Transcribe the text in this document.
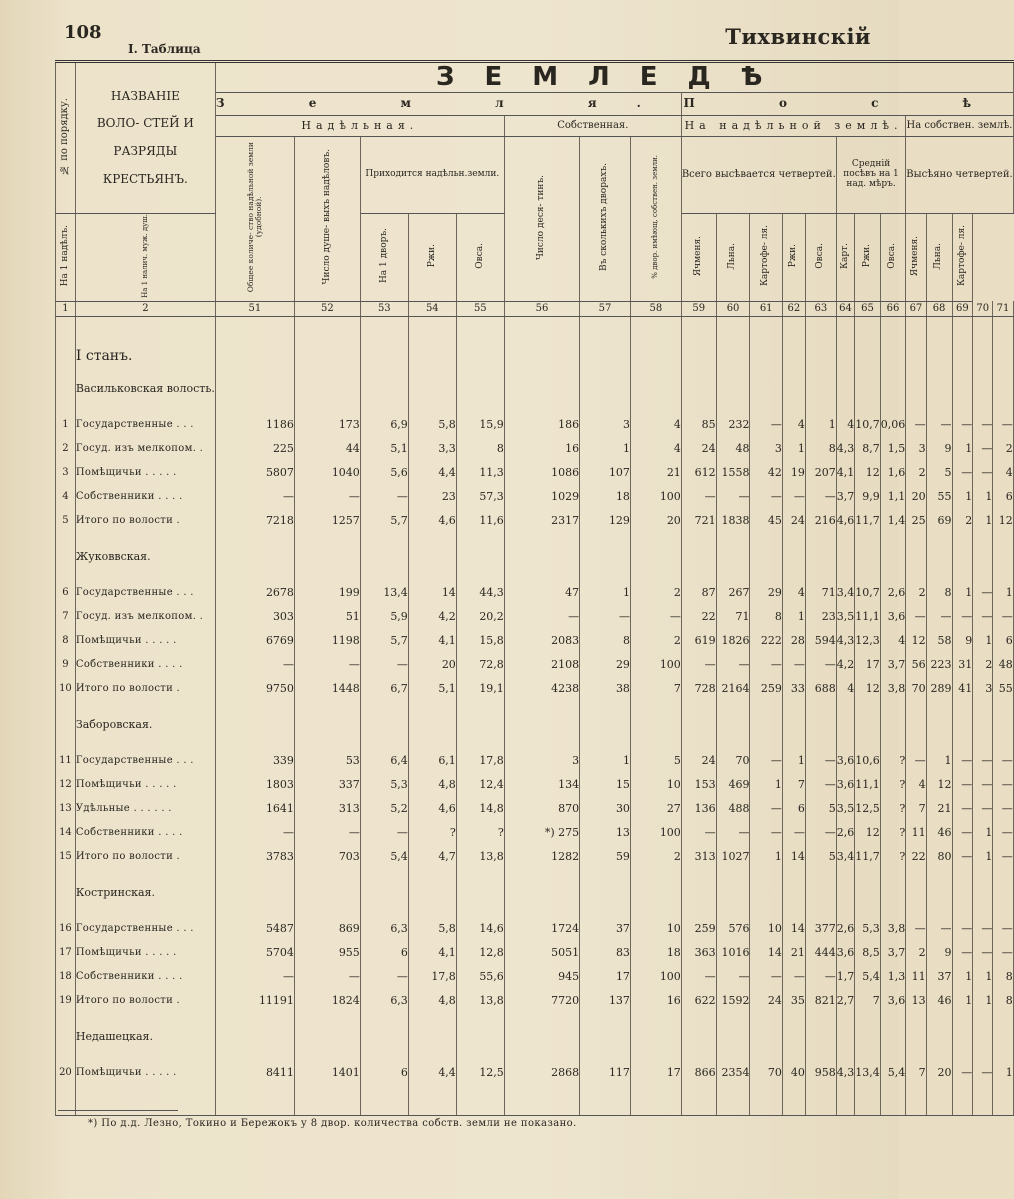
108	Тихвинскій
I. Таблица
№ по порядку.	НАЗВАНІЕ ВОЛО- СТЕЙ И РАЗРЯДЫ КРЕСТЬЯНЪ.	ЗЕМЛЕДѢ																				
		З е м л я.								П о с ѣ												
		Надѣльная.					Собственная.			На надѣльной землѣ.								На собствен. землѣ.				
		Общее количе- ство надѣльной земли (удобной).	Число душе- выхъ надѣловъ.	Приходится надѣльн.земли.			Число деся- тинъ.	Въ сколькихъ дворахъ.	% двор. имѣющ. собствен. земли.	Всего высѣвается четвертей.					Средній посѣвъ на 1 над. мѣръ.			Высѣяно четвертей.				
На 1 надѣлъ.	На 1 налич. муж. душ.			На 1 дворъ.	Ржи.	Овса.				Ячменя.	Льна.	Картофе- ля.	Ржи.	Овса.	Карт.	Ржи.	Овса.	Ячменя.	Льна.	Картофе- ля.		
1	2	51	52	53	54	55	56	57	58	59	60	61	62	63	64	65	66	67	68	69	70	71

	I станъ.																					
	Васильковская волость.																					

1	Государственные . . .	1186	173	6,9	5,8	15,9	186	3	4	85	232	—	4	1	4	10,7	0,06	—	—	—	—	—
2	Госуд. изъ мелкопом. .	225	44	5,1	3,3	8	16	1	4	24	48	3	1	8	4,3	8,7	1,5	3	9	1	—	2
3	Помѣщичьи . . . . .	5807	1040	5,6	4,4	11,3	1086	107	21	612	1558	42	19	207	4,1	12	1,6	2	5	—	—	4
4	Собственники . . . .	—	—	—	23	57,3	1029	18	100	—	—	—	—	—	3,7	9,9	1,1	20	55	1	1	6
5	Итого по волости .	7218	1257	5,7	4,6	11,6	2317	129	20	721	1838	45	24	216	4,6	11,7	1,4	25	69	2	1	12
	Жуковвская.																					

6	Государственные . . .	2678	199	13,4	14	44,3	47	1	2	87	267	29	4	71	3,4	10,7	2,6	2	8	1	—	1
7	Госуд. изъ мелкопом. .	303	51	5,9	4,2	20,2	—	—	—	22	71	8	1	23	3,5	11,1	3,6	—	—	—	—	—
8	Помѣщичьи . . . . .	6769	1198	5,7	4,1	15,8	2083	8	2	619	1826	222	28	594	4,3	12,3	4	12	58	9	1	6
9	Собственники . . . .	—	—	—	20	72,8	2108	29	100	—	—	—	—	—	4,2	17	3,7	56	223	31	2	48
10	Итого по волости .	9750	1448	6,7	5,1	19,1	4238	38	7	728	2164	259	33	688	4	12	3,8	70	289	41	3	55
	Заборовская.																					

11	Государственные . . .	339	53	6,4	6,1	17,8	3	1	5	24	70	—	1	—	3,6	10,6	?	—	1	—	—	—
12	Помѣщичьи . . . . .	1803	337	5,3	4,8	12,4	134	15	10	153	469	1	7	—	3,6	11,1	?	4	12	—	—	—
13	Удѣльные . . . . . .	1641	313	5,2	4,6	14,8	870	30	27	136	488	—	6	5	3,5	12,5	?	7	21	—	—	—
14	Собственники . . . .	—	—	—	?	?	*) 275	13	100	—	—	—	—	—	2,6	12	?	11	46	—	1	—
15	Итого по волости .	3783	703	5,4	4,7	13,8	1282	59	2	313	1027	1	14	5	3,4	11,7	?	22	80	—	1	—
	Костринская.																					

16	Государственные . . .	5487	869	6,3	5,8	14,6	1724	37	10	259	576	10	14	377	2,6	5,3	3,8	—	—	—	—	—
17	Помѣщичьи . . . . .	5704	955	6	4,1	12,8	5051	83	18	363	1016	14	21	444	3,6	8,5	3,7	2	9	—	—	—
18	Собственники . . . .	—	—	—	17,8	55,6	945	17	100	—	—	—	—	—	1,7	5,4	1,3	11	37	1	1	8
19	Итого по волости .	11191	1824	6,3	4,8	13,8	7720	137	16	622	1592	24	35	821	2,7	7	3,6	13	46	1	1	8
	Недашецкая.																					

20	Помѣщичьи . . . . .	8411	1401	6	4,4	12,5	2868	117	17	866	2354	70	40	958	4,3	13,4	5,4	7	20	—	—	1

*) По д.д. Лезно, Токино и Бережокъ у 8 двор. количества собств. земли не показано.
